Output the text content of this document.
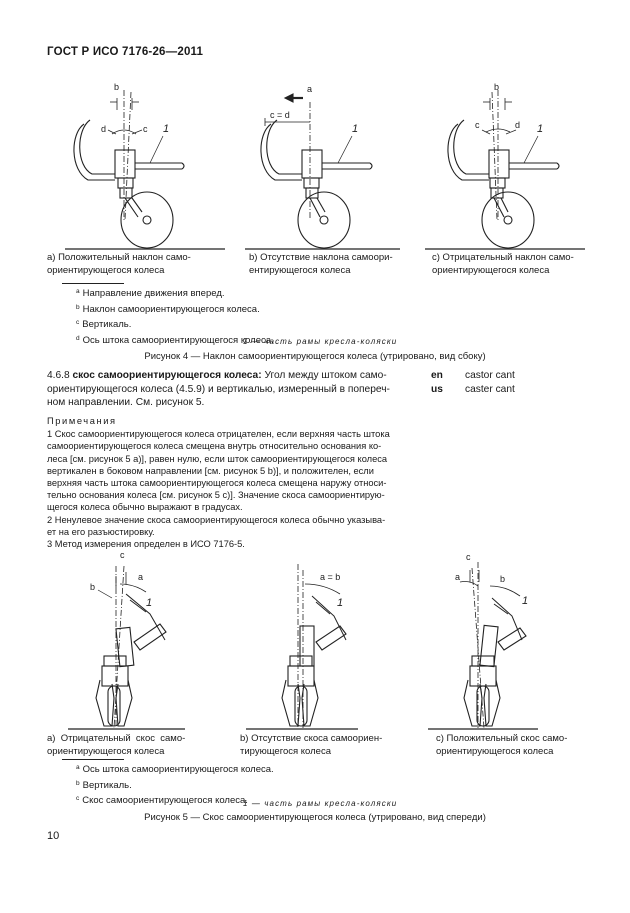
ГОСТ Р ИСО 7176-26—2011
b
d	c 1
a
c = d
1
b
c	d 1
a) Положительный наклон само-
ориентирующегося колеса
b) Отсутствие наклона самоори-
ентирующегося колеса
c) Отрицательный наклон само-
ориентирующегося колеса
$^a$ Направление движения вперед.
$^b$ Наклон самоориентирующегося колеса.
$^c$ Вертикаль.
$^d$ Ось штока самоориентирующегося колеса.
1 — часть рамы кресла-коляски
Рисунок 4 — Наклон самоориентирующегося колеса (утрировано, вид сбоку)
4.6.8 скос самоориентирующегося колеса: Угол между штоком само-
ориентирующегося колеса (4.5.9) и вертикалью, измеренный в попереч-
ном направлении. См. рисунок 5.
en castor cant
us caster cant
Примечания
1 Скос самоориентирующегося колеса отрицателен, если верхняя часть штока
самоориентирующегося колеса смещена внутрь относительно основания ко-
леса [см. рисунок 5 а)], равен нулю, если шток самоориентирующегося колеса
вертикален в боковом направлении [см. рисунок 5 b)], и положителен, если
верхняя часть штока самоориентирующегося колеса смещена наружу относи-
тельно основания колеса [см. рисунок 5 с)]. Значение скоса самоориентирую-
щегося колеса обычно выражают в градусах.
2 Ненулевое значение скоса самоориентирующегося колеса обычно указыва-
ет на его разъюстировку.
3 Метод измерения определен в ИСО 7176-5.
c
a
b
1
a = b
1
c
a	b
1
a)  Отрицательный  скос  само-
ориентирующегося колеса
b) Отсутствие скоса самоориен-
тирующегося колеса
c) Положительный скос само-
ориентирующегося колеса
$^a$ Ось штока самоориентирующегося колеса.
$^b$ Вертикаль.
$^c$ Скос самоориентирующегося колеса.
1 — часть рамы кресла-коляски
Рисунок 5 — Скос самоориентирующегося колеса (утрировано, вид спереди)
10
